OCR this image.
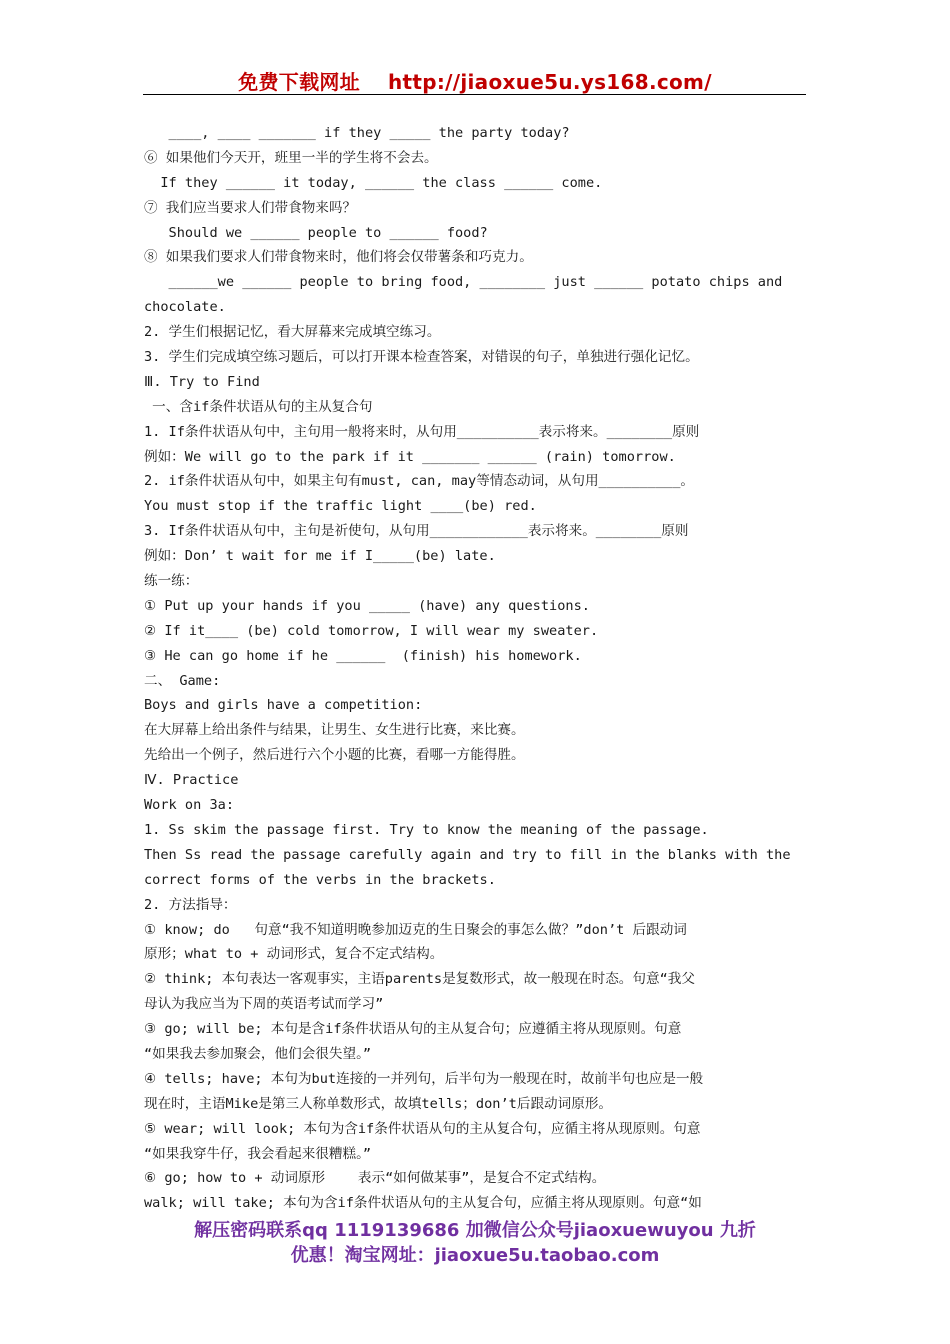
免费下载网址 http://jiaoxue5u.ys168.com/
____, ____ _______ if they _____ the party today?
⑥ 如果他们今天开，班里一半的学生将不会去。
If they ______ it today, ______ the class ______ come.
⑦ 我们应当要求人们带食物来吗？
Should we ______ people to ______ food?
⑧ 如果我们要求人们带食物来时，他们将会仅带薯条和巧克力。
______we ______ people to bring food, ________ just ______ potato chips and
chocolate.
2. 学生们根据记忆，看大屏幕来完成填空练习。
3. 学生们完成填空练习题后，可以打开课本检查答案，对错误的句子，单独进行强化记忆。
Ⅲ. Try to Find
一、含if条件状语从句的主从复合句
1. If条件状语从句中，主句用一般将来时，从句用__________表示将来。________原则
例如：We will go to the park if it _______ ______ (rain) tomorrow.
2. if条件状语从句中，如果主句有must, can, may等情态动词，从句用__________。
You must stop if the traffic light ____(be) red.
3. If条件状语从句中，主句是祈使句，从句用____________表示将来。________原则
例如：Don’ t wait for me if I_____(be) late.
练一练：
① Put up your hands if you _____ (have) any questions.
② If it____ (be) cold tomorrow, I will wear my sweater.
③ He can go home if he ______  (finish) his homework.
二、 Game:
Boys and girls have a competition:
在大屏幕上给出条件与结果，让男生、女生进行比赛，来比赛。
先给出一个例子，然后进行六个小题的比赛，看哪一方能得胜。
Ⅳ. Practice
Work on 3a:
1. Ss skim the passage first. Try to know the meaning of the passage.
Then Ss read the passage carefully again and try to fill in the blanks with the
correct forms of the verbs in the brackets.
2. 方法指导：
① know; do   句意“我不知道明晚参加迈克的生日聚会的事怎么做？”don’t 后跟动词
原形；what to + 动词形式，复合不定式结构。
② think; 本句表达一客观事实，主语parents是复数形式，故一般现在时态。句意“我父
母认为我应当为下周的英语考试而学习”
③ go; will be; 本句是含if条件状语从句的主从复合句；应遵循主将从现原则。句意
“如果我去参加聚会，他们会很失望。”
④ tells; have; 本句为but连接的一并列句，后半句为一般现在时，故前半句也应是一般
现在时，主语Mike是第三人称单数形式，故填tells；don’t后跟动词原形。
⑤ wear; will look; 本句为含if条件状语从句的主从复合句，应循主将从现原则。句意
“如果我穿牛仔，我会看起来很糟糕。”
⑥ go; how to + 动词原形    表示“如何做某事”，是复合不定式结构。
walk; will take; 本句为含if条件状语从句的主从复合句，应循主将从现原则。句意“如
解压密码联系qq 1119139686 加微信公众号jiaoxuewuyou 九折
优惠！淘宝网址：jiaoxue5u.taobao.com
